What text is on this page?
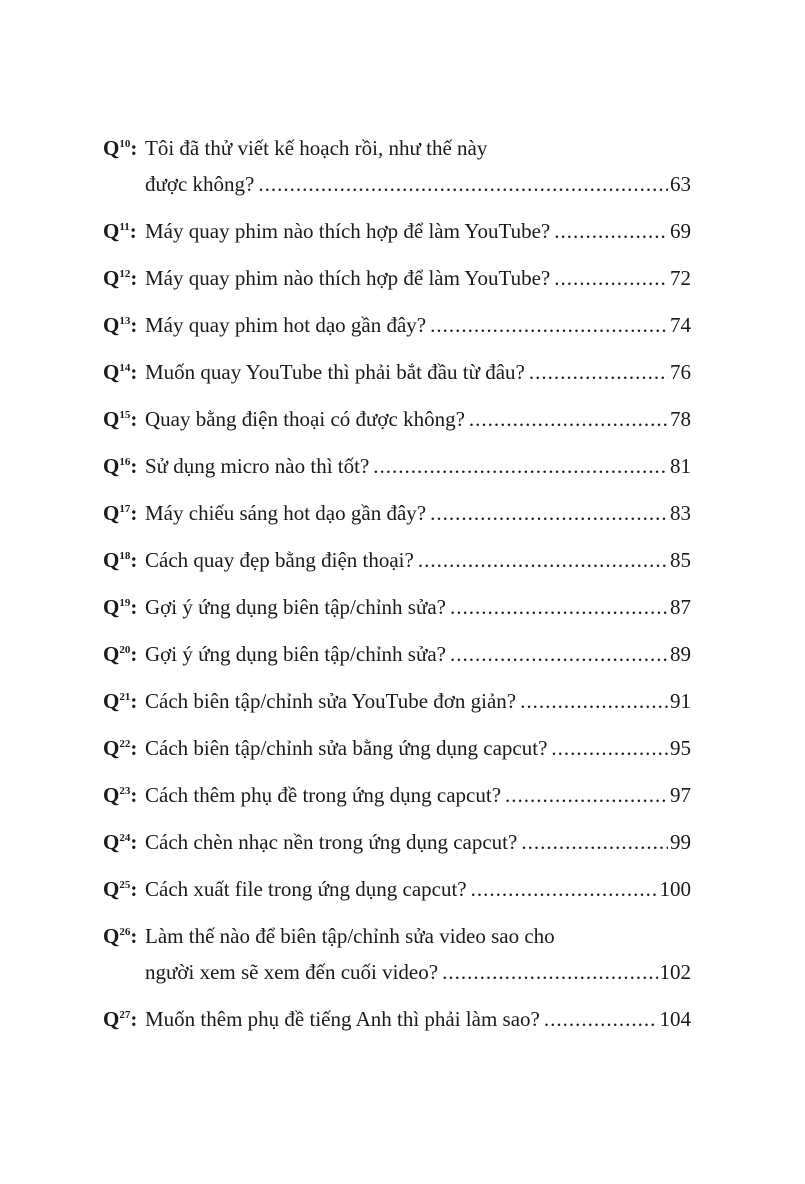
$Q^{10}$: Tôi đã thử viết kế hoạch rồi, như thế này
được không? .....	63
$Q^{11}$: Máy quay phim nào thích hợp để làm YouTube? .....	69
$Q^{12}$: Máy quay phim nào thích hợp để làm YouTube? .....	72
$Q^{13}$: Máy quay phim hot dạo gần đây? .....	74
$Q^{14}$: Muốn quay YouTube thì phải bắt đầu từ đâu? .....	76
$Q^{15}$: Quay bằng điện thoại có được không? .....	78
$Q^{16}$: Sử dụng micro nào thì tốt? .....	81
$Q^{17}$: Máy chiếu sáng hot dạo gần đây? .....	83
$Q^{18}$: Cách quay đẹp bằng điện thoại? .....	85
$Q^{19}$: Gợi ý ứng dụng biên tập/chỉnh sửa? .....	87
$Q^{20}$: Gợi ý ứng dụng biên tập/chỉnh sửa? .....	89
$Q^{21}$: Cách biên tập/chỉnh sửa YouTube đơn giản? .....	91
$Q^{22}$: Cách biên tập/chỉnh sửa bằng ứng dụng capcut? .....	95
$Q^{23}$: Cách thêm phụ đề trong ứng dụng capcut? .....	97
$Q^{24}$: Cách chèn nhạc nền trong ứng dụng capcut? .....	99
$Q^{25}$: Cách xuất file trong ứng dụng capcut? .....	100
$Q^{26}$: Làm thế nào để biên tập/chỉnh sửa video sao cho
người xem sẽ xem đến cuối video? .....	102
$Q^{27}$: Muốn thêm phụ đề tiếng Anh thì phải làm sao? .....	104
